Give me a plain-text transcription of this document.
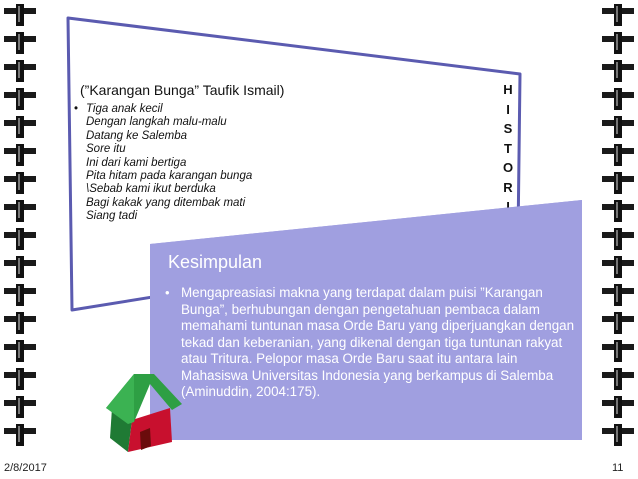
(”Karangan Bunga” Taufik Ismail)
• Tiga anak kecil
Dengan langkah malu-malu
Datang ke Salemba
Sore itu
Ini dari kami bertiga
Pita hitam pada karangan bunga
\Sebab kami ikut berduka
Bagi kakak yang ditembak mati
Siang tadi
H
I
S
T
O
R
I
Kesimpulan
• Mengapreasiasi makna yang terdapat dalam puisi ”Karangan Bunga”, berhubungan dengan pengetahuan pembaca dalam memahami tuntunan masa Orde Baru yang diperjuangkan dengan tekad dan keberanian, yang dikenal dengan tiga tuntunan rakyat atau Tritura. Pelopor masa Orde Baru saat itu antara lain Mahasiswa Universitas Indonesia yang berkampus di Salemba (Aminuddin, 2004:175).

2/8/2017	11
